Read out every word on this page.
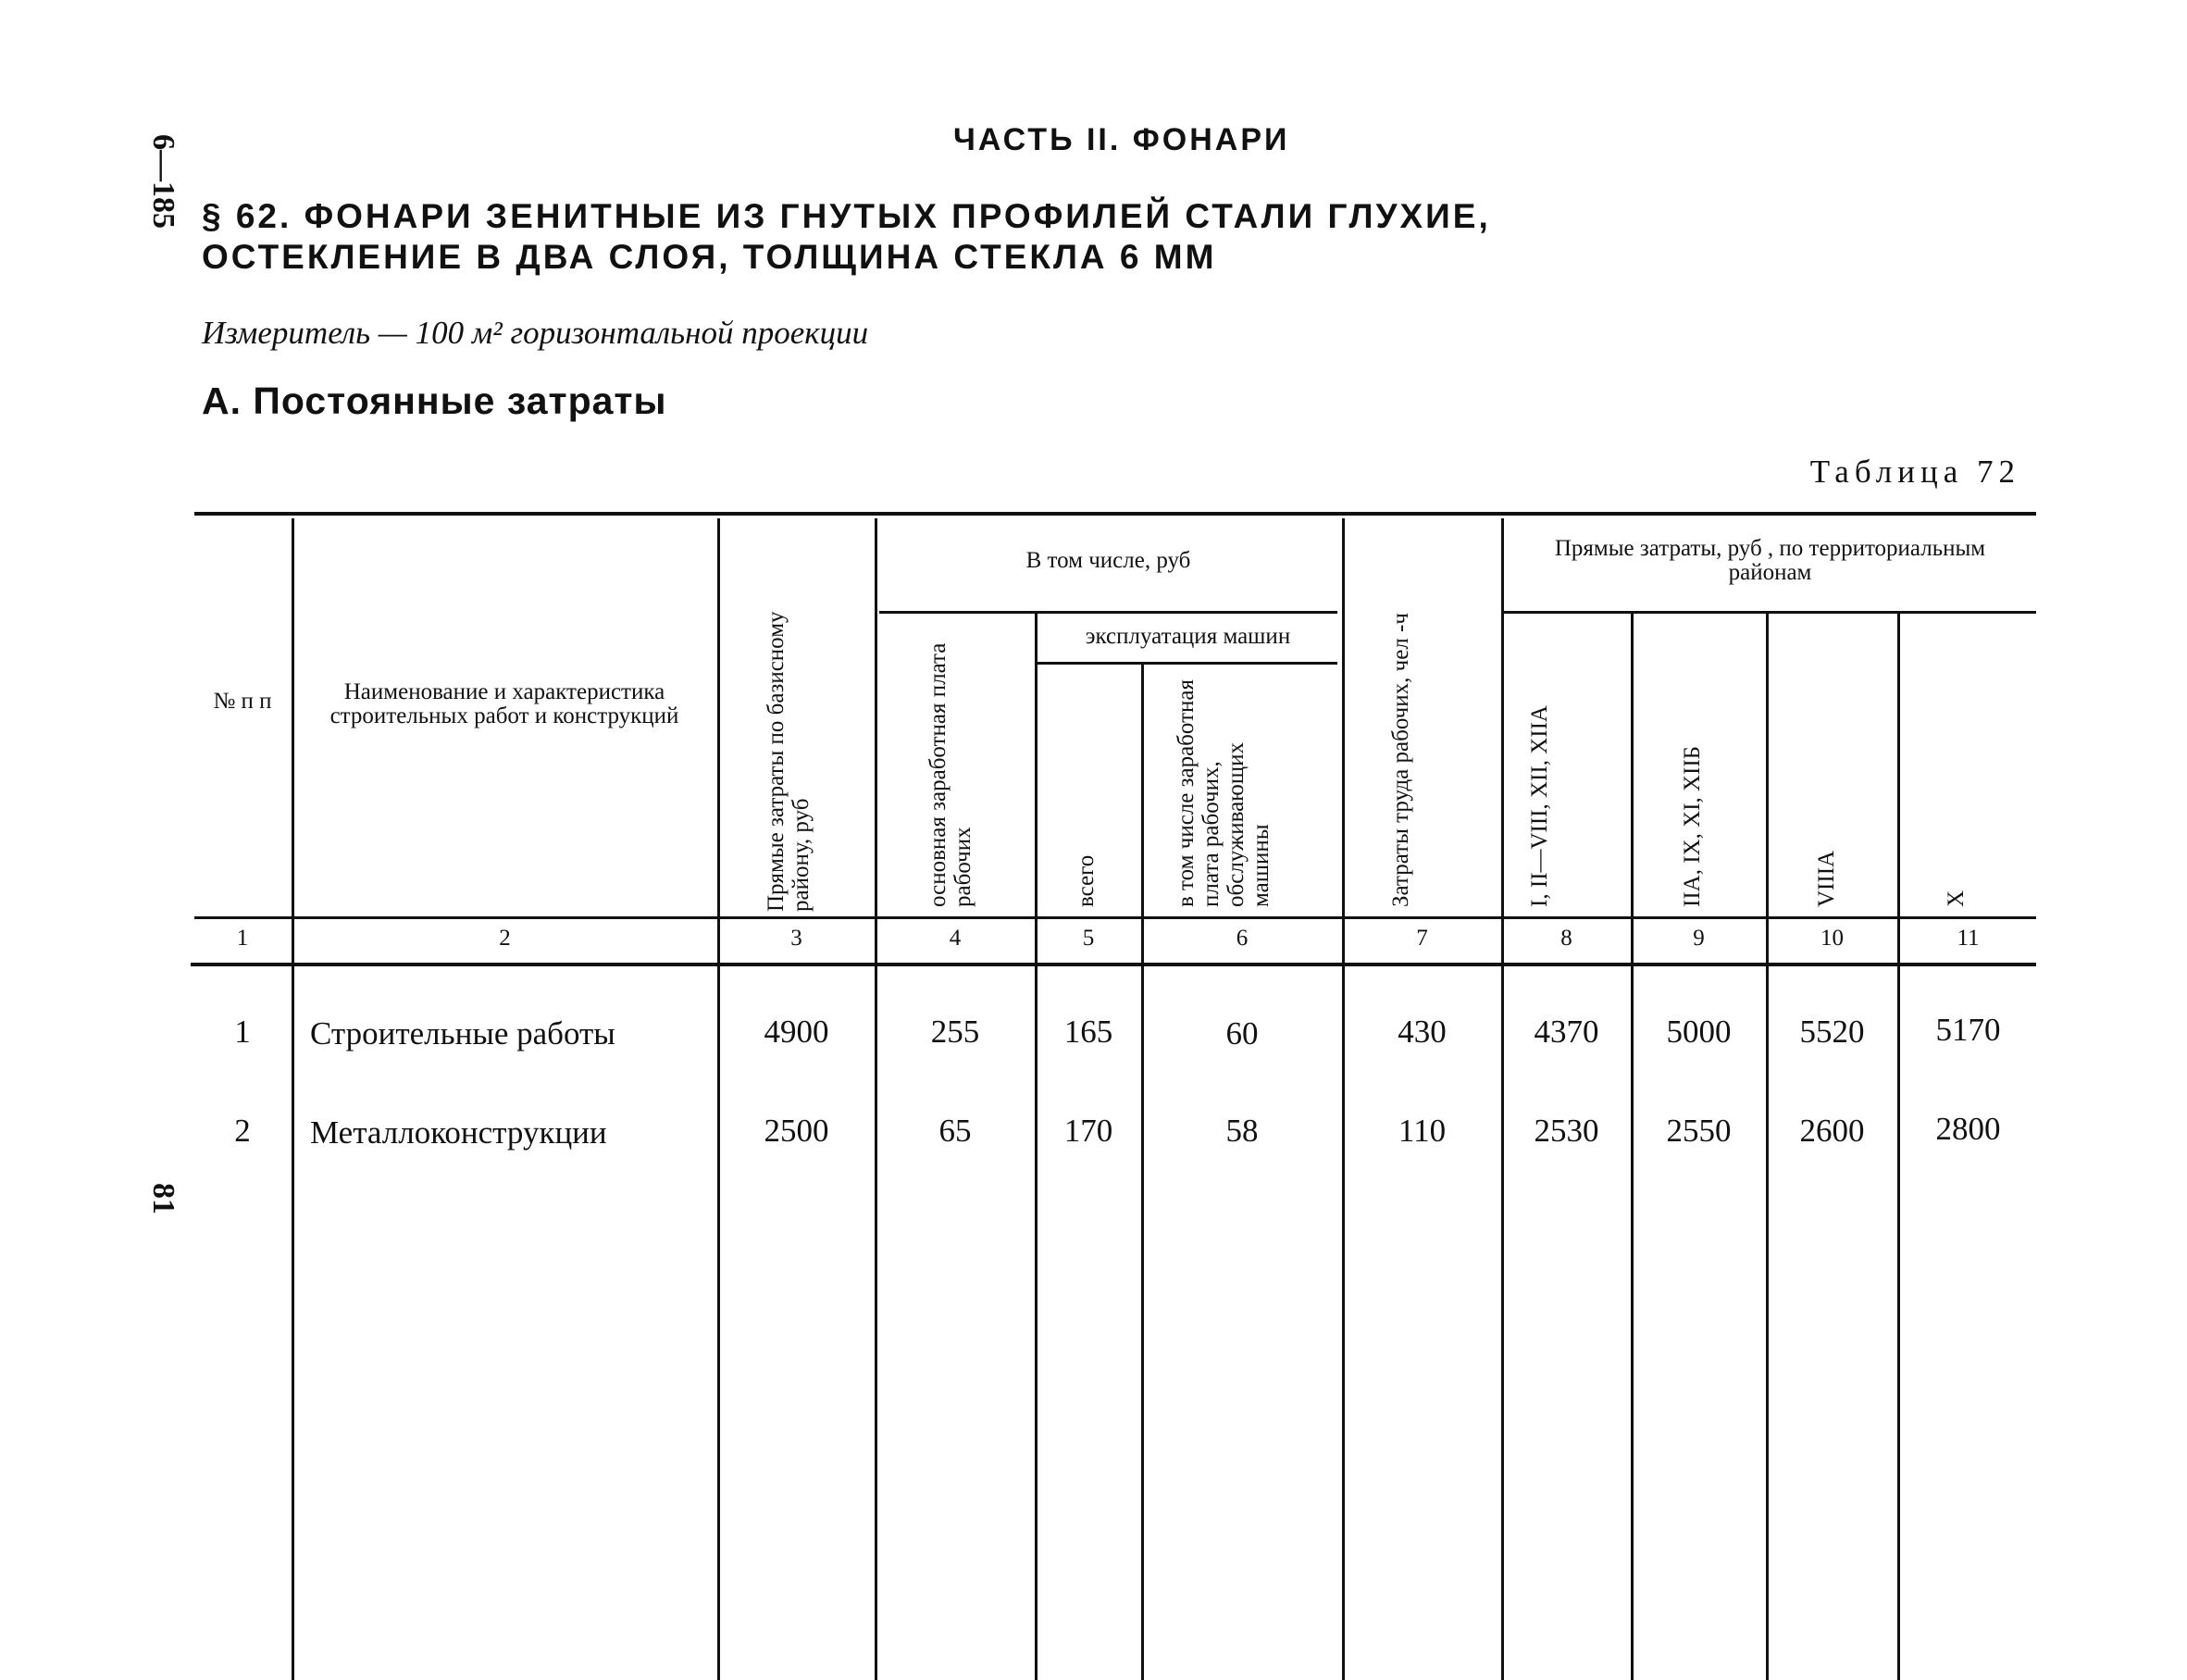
6—185
81
ЧАСТЬ II. ФОНАРИ
§ 62. ФОНАРИ ЗЕНИТНЫЕ ИЗ ГНУТЫХ ПРОФИЛЕЙ СТАЛИ ГЛУХИЕ,
ОСТЕКЛЕНИЕ В ДВА СЛОЯ, ТОЛЩИНА СТЕКЛА 6 ММ
Измеритель — 100 м² горизонтальной проекции
А. Постоянные затраты
Таблица 72
№ п п	Наименование и характеристика строительных работ и конструкций	Прямые затраты по базисному району, руб
В том числе, руб
основная заработная плата рабочих
эксплуатация машин
всего	в том числе заработная плата рабочих, обслуживающих машины	Затраты труда рабочих, чел -ч
Прямые затраты, руб , по территориальным районам
I, II—VIII, XII, XIIА	IIА, IX, XI, XIIБ	VIIIА	X
1	2	3	4	5	6	7	8	9	10	11
1	Строительные работы	4900	255	165	60	430	4370	5000	5520	5170
2	Металлоконструкции	2500	65	170	58	110	2530	2550	2600	2800
